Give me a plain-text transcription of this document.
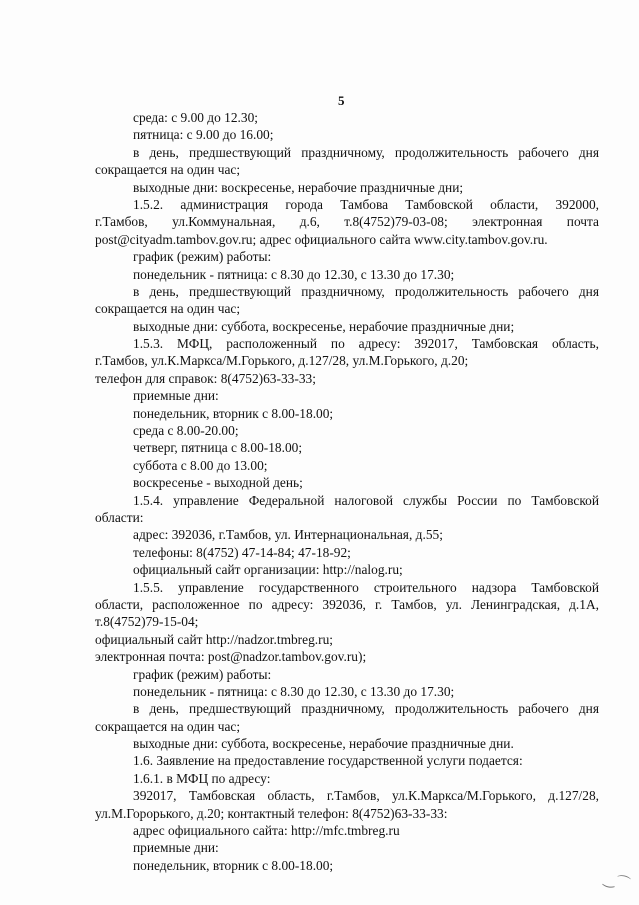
5
среда: с 9.00 до 12.30;
пятница: с 9.00 до 16.00;
в день, предшествующий праздничному, продолжительность рабочего дня
сокращается на один час;
выходные дни: воскресенье, нерабочие праздничные дни;
1.5.2. администрация города Тамбова Тамбовской области, 392000,
г.Тамбов, ул.Коммунальная, д.6, т.8(4752)79-03-08; электронная почта
post@cityadm.tambov.gov.ru; адрес официального сайта www.city.tambov.gov.ru.
график (режим) работы:
понедельник - пятница: с 8.30 до 12.30, с 13.30 до 17.30;
в день, предшествующий праздничному, продолжительность рабочего дня
сокращается на один час;
выходные дни: суббота, воскресенье, нерабочие праздничные дни;
1.5.3. МФЦ, расположенный по адресу: 392017, Тамбовская область,
г.Тамбов, ул.К.Маркса/М.Горького, д.127/28, ул.М.Горького, д.20;
телефон для справок: 8(4752)63-33-33;
приемные дни:
понедельник, вторник с 8.00-18.00;
среда с 8.00-20.00;
четверг, пятница с 8.00-18.00;
суббота с 8.00 до 13.00;
воскресенье - выходной день;
1.5.4. управление Федеральной налоговой службы России по Тамбовской
области:
адрес: 392036, г.Тамбов, ул. Интернациональная, д.55;
телефоны: 8(4752) 47-14-84; 47-18-92;
официальный сайт организации: http://nalog.ru;
1.5.5. управление государственного строительного надзора Тамбовской
области, расположенное по адресу: 392036, г. Тамбов, ул. Ленинградская, д.1А,
т.8(4752)79-15-04;
официальный сайт http://nadzor.tmbreg.ru;
электронная почта: post@nadzor.tambov.gov.ru);
график (режим) работы:
понедельник - пятница: с 8.30 до 12.30, с 13.30 до 17.30;
в день, предшествующий праздничному, продолжительность рабочего дня
сокращается на один час;
выходные дни: суббота, воскресенье, нерабочие праздничные дни.
1.6. Заявление на предоставление государственной услуги подается:
1.6.1. в МФЦ по адресу:
392017, Тамбовская область, г.Тамбов, ул.К.Маркса/М.Горького, д.127/28,
ул.М.Горорького, д.20; контактный телефон: 8(4752)63-33-33:
адрес официального сайта: http://mfc.tmbreg.ru
приемные дни:
понедельник, вторник с 8.00-18.00;
‿⌒
